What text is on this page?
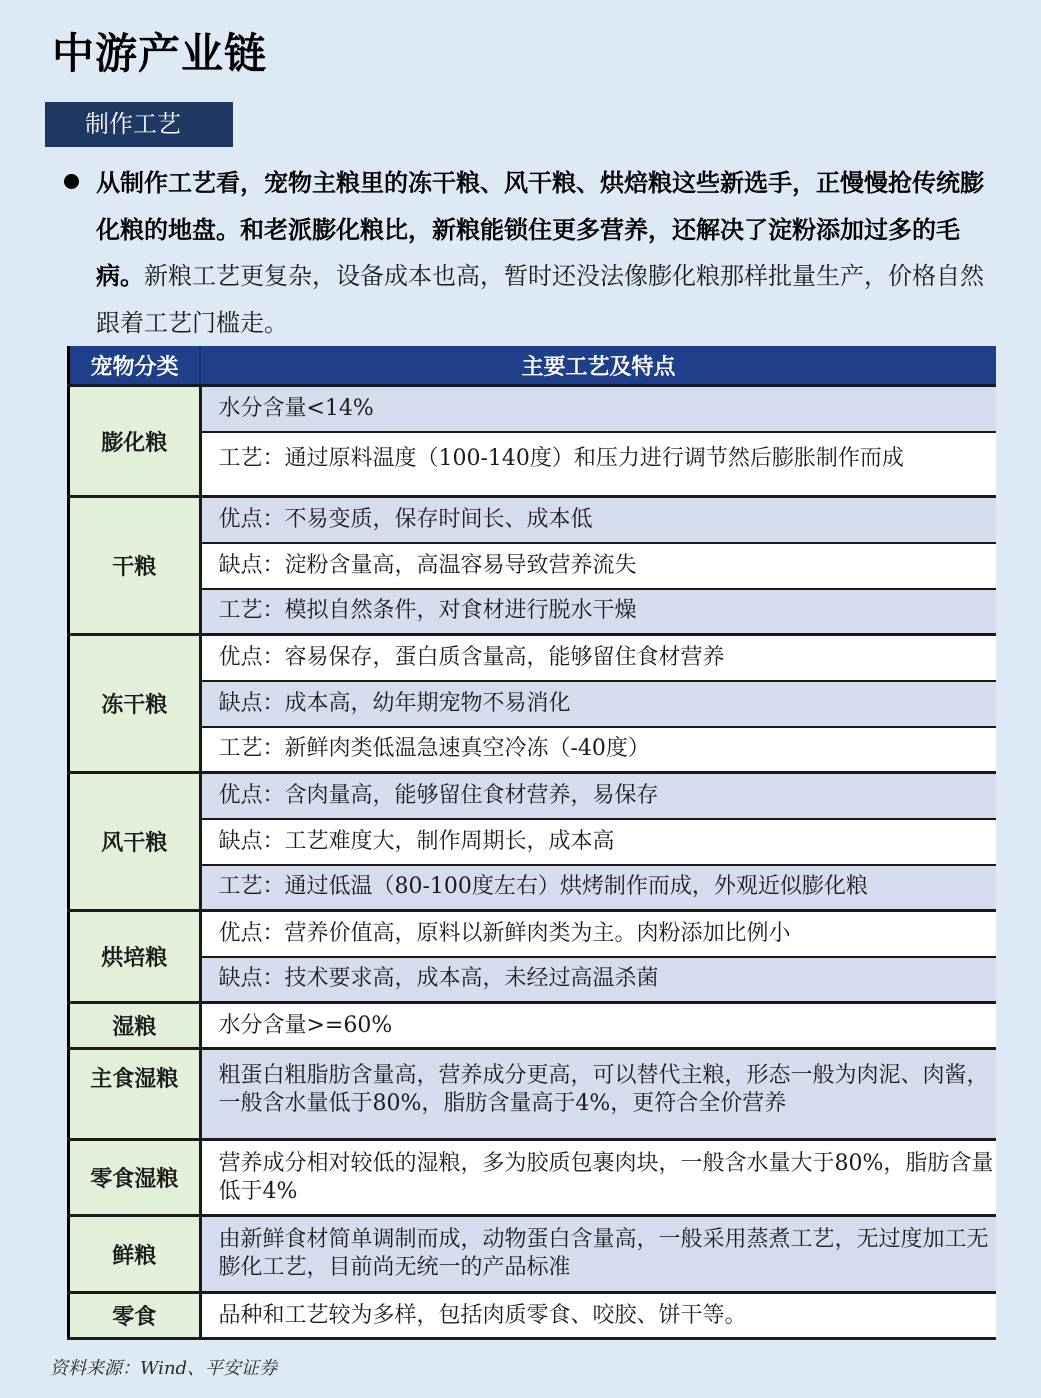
中游产业链
制作工艺
从制作工艺看，宠物主粮里的冻干粮、风干粮、烘焙粮这些新选手，正慢慢抢传统膨化粮的地盘。和老派膨化粮比，新粮能锁住更多营养，还解决了淀粉添加过多的毛病。新粮工艺更复杂，设备成本也高，暂时还没法像膨化粮那样批量生产，价格自然跟着工艺门槛走。
宠物分类	主要工艺及特点
膨化粮	水分含量<14%
	工艺：通过原料温度（100-140度）和压力进行调节然后膨胀制作而成
干粮	优点：不易变质，保存时间长、成本低
	缺点：淀粉含量高，高温容易导致营养流失
	工艺：模拟自然条件，对食材进行脱水干燥
冻干粮	优点：容易保存，蛋白质含量高，能够留住食材营养
	缺点：成本高，幼年期宠物不易消化
	工艺：新鲜肉类低温急速真空冷冻（-40度）
风干粮	优点：含肉量高，能够留住食材营养，易保存
	缺点：工艺难度大，制作周期长，成本高
	工艺：通过低温（80-100度左右）烘烤制作而成，外观近似膨化粮
烘培粮	优点：营养价值高，原料以新鲜肉类为主。肉粉添加比例小
	缺点：技术要求高，成本高，未经过高温杀菌
湿粮	水分含量>=60%
主食湿粮	粗蛋白粗脂肪含量高，营养成分更高，可以替代主粮，形态一般为肉泥、肉酱，一般含水量低于80%，脂肪含量高于4%，更符合全价营养
零食湿粮	营养成分相对较低的湿粮，多为胶质包裹肉块，一般含水量大于80%，脂肪含量低于4%
鲜粮	由新鲜食材简单调制而成，动物蛋白含量高，一般采用蒸煮工艺，无过度加工无膨化工艺，目前尚无统一的产品标准
零食	品种和工艺较为多样，包括肉质零食、咬胶、饼干等。
资料来源：Wind、平安证券
